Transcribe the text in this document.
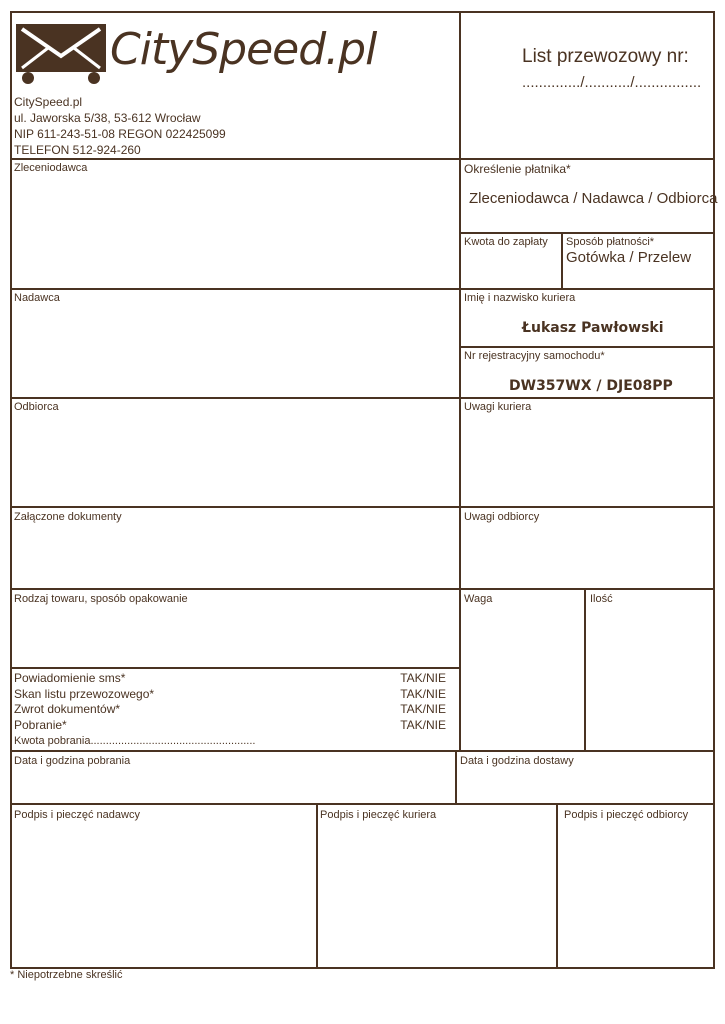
CitySpeed.pl
CitySpeed.pl
ul. Jaworska 5/38, 53-612 Wrocław
NIP 611-243-51-08 REGON 022425099
TELEFON 512-924-260
List przewozowy nr:
............../.........../................
Zleceniodawca
Nadawca
Odbiorca
Załączone dokumenty
Rodzaj towaru, sposób opakowanie
Powiadomienie sms*	TAK/NIE
Skan listu przewozowego*	TAK/NIE
Zwrot dokumentów*	TAK/NIE
Pobranie*	TAK/NIE
Kwota pobrania......................................................
Określenie płatnika*
Zleceniodawca / Nadawca / Odbiorca
Kwota do zapłaty Sposób płatności*
Gotówka / Przelew
Imię i nazwisko kuriera
Łukasz Pawłowski
Nr rejestracyjny samochodu*
DW357WX / DJE08PP
Uwagi kuriera
Uwagi odbiorcy
Waga	Ilość
Data i godzina pobrania	Data i godzina dostawy
Podpis i pieczęć nadawcy	Podpis i pieczęć kuriera	Podpis i pieczęć odbiorcy
* Niepotrzebne skreślić
